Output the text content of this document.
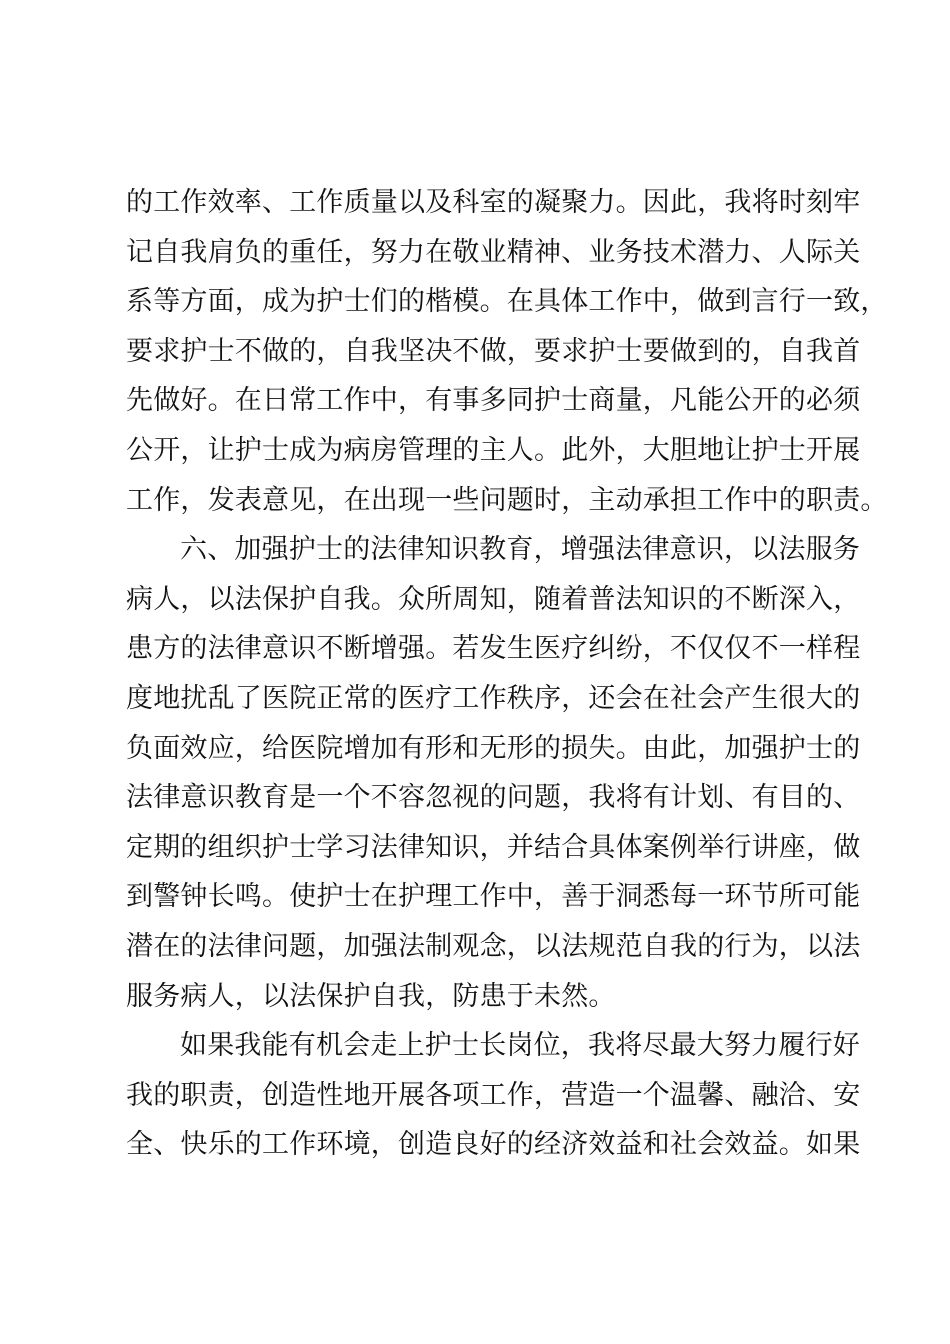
的工作效率、工作质量以及科室的凝聚力。因此，我将时刻牢
记自我肩负的重任，努力在敬业精神、业务技术潜力、人际关
系等方面，成为护士们的楷模。在具体工作中，做到言行一致，
要求护士不做的，自我坚决不做，要求护士要做到的，自我首
先做好。在日常工作中，有事多同护士商量，凡能公开的必须
公开，让护士成为病房管理的主人。此外，大胆地让护士开展
工作，发表意见，在出现一些问题时，主动承担工作中的职责。
六、加强护士的法律知识教育，增强法律意识，以法服务
病人，以法保护自我。众所周知，随着普法知识的不断深入，
患方的法律意识不断增强。若发生医疗纠纷，不仅仅不一样程
度地扰乱了医院正常的医疗工作秩序，还会在社会产生很大的
负面效应，给医院增加有形和无形的损失。由此，加强护士的
法律意识教育是一个不容忽视的问题，我将有计划、有目的、
定期的组织护士学习法律知识，并结合具体案例举行讲座，做
到警钟长鸣。使护士在护理工作中，善于洞悉每一环节所可能
潜在的法律问题，加强法制观念，以法规范自我的行为，以法
服务病人，以法保护自我，防患于未然。
如果我能有机会走上护士长岗位，我将尽最大努力履行好
我的职责，创造性地开展各项工作，营造一个温馨、融洽、安
全、快乐的工作环境，创造良好的经济效益和社会效益。如果
